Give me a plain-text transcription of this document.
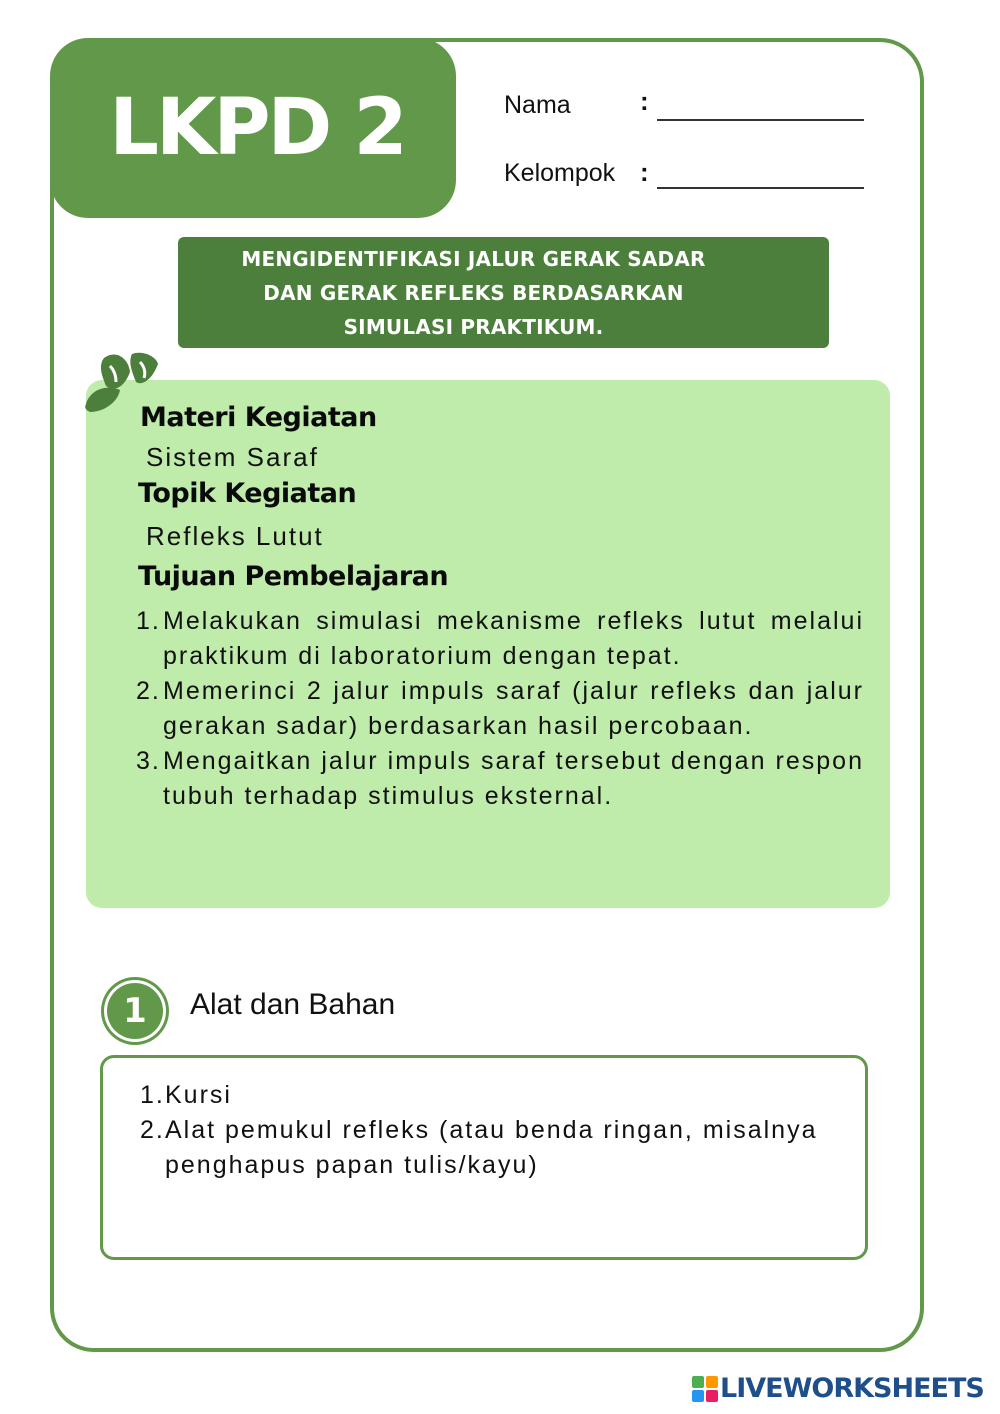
LKPD 2	Nama	:
Kelompok :
MENGIDENTIFIKASI JALUR GERAK SADAR
DAN GERAK REFLEKS BERDASARKAN
SIMULASI PRAKTIKUM.
Materi Kegiatan
Sistem Saraf
Topik Kegiatan
Refleks Lutut
Tujuan Pembelajaran
1. Melakukan simulasi mekanisme refleks lutut melalui praktikum di laboratorium dengan tepat.
2. Memerinci 2 jalur impuls saraf (jalur refleks dan jalur gerakan sadar) berdasarkan hasil percobaan.
3. Mengaitkan jalur impuls saraf tersebut dengan respon tubuh terhadap stimulus eksternal.
1	Alat dan Bahan
1. Kursi
2. Alat pemukul refleks (atau benda ringan, misalnya penghapus papan tulis/kayu)
LIVEWORKSHEETS
